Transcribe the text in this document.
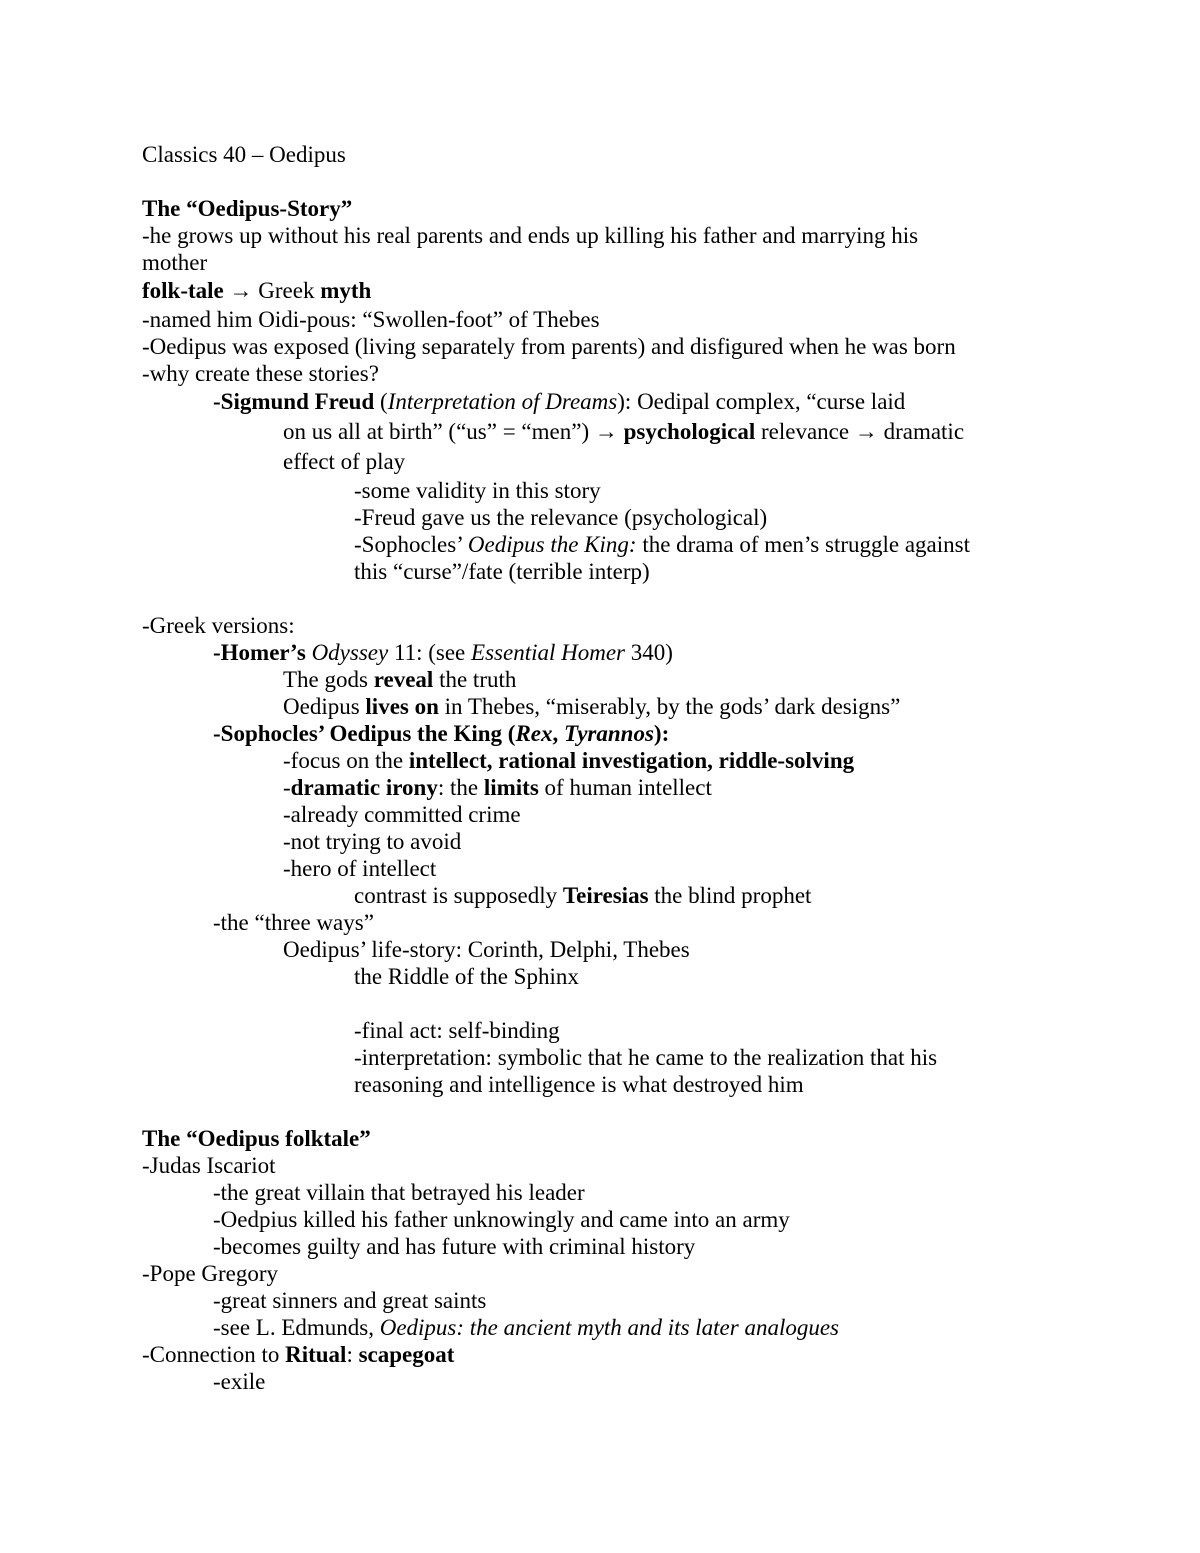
Classics 40 – Oedipus
The “Oedipus-Story”
-he grows up without his real parents and ends up killing his father and marrying his
mother
folk-tale → Greek myth
-named him Oidi-pous: “Swollen-foot” of Thebes
-Oedipus was exposed (living separately from parents) and disfigured when he was born
-why create these stories?
-Sigmund Freud (Interpretation of Dreams): Oedipal complex, “curse laid
on us all at birth” (“us” = “men”) → psychological relevance → dramatic
effect of play
-some validity in this story
-Freud gave us the relevance (psychological)
-Sophocles’ Oedipus the King: the drama of men’s struggle against
this “curse”/fate (terrible interp)
-Greek versions:
-Homer’s Odyssey 11: (see Essential Homer 340)
The gods reveal the truth
Oedipus lives on in Thebes, “miserably, by the gods’ dark designs”
-Sophocles’ Oedipus the King (Rex, Tyrannos):
-focus on the intellect, rational investigation, riddle-solving
-dramatic irony: the limits of human intellect
-already committed crime
-not trying to avoid
-hero of intellect
contrast is supposedly Teiresias the blind prophet
-the “three ways”
Oedipus’ life-story: Corinth, Delphi, Thebes
the Riddle of the Sphinx
-final act: self-binding
-interpretation: symbolic that he came to the realization that his
reasoning and intelligence is what destroyed him
The “Oedipus folktale”
-Judas Iscariot
-the great villain that betrayed his leader
-Oedpius killed his father unknowingly and came into an army
-becomes guilty and has future with criminal history
-Pope Gregory
-great sinners and great saints
-see L. Edmunds, Oedipus: the ancient myth and its later analogues
-Connection to Ritual: scapegoat
-exile
